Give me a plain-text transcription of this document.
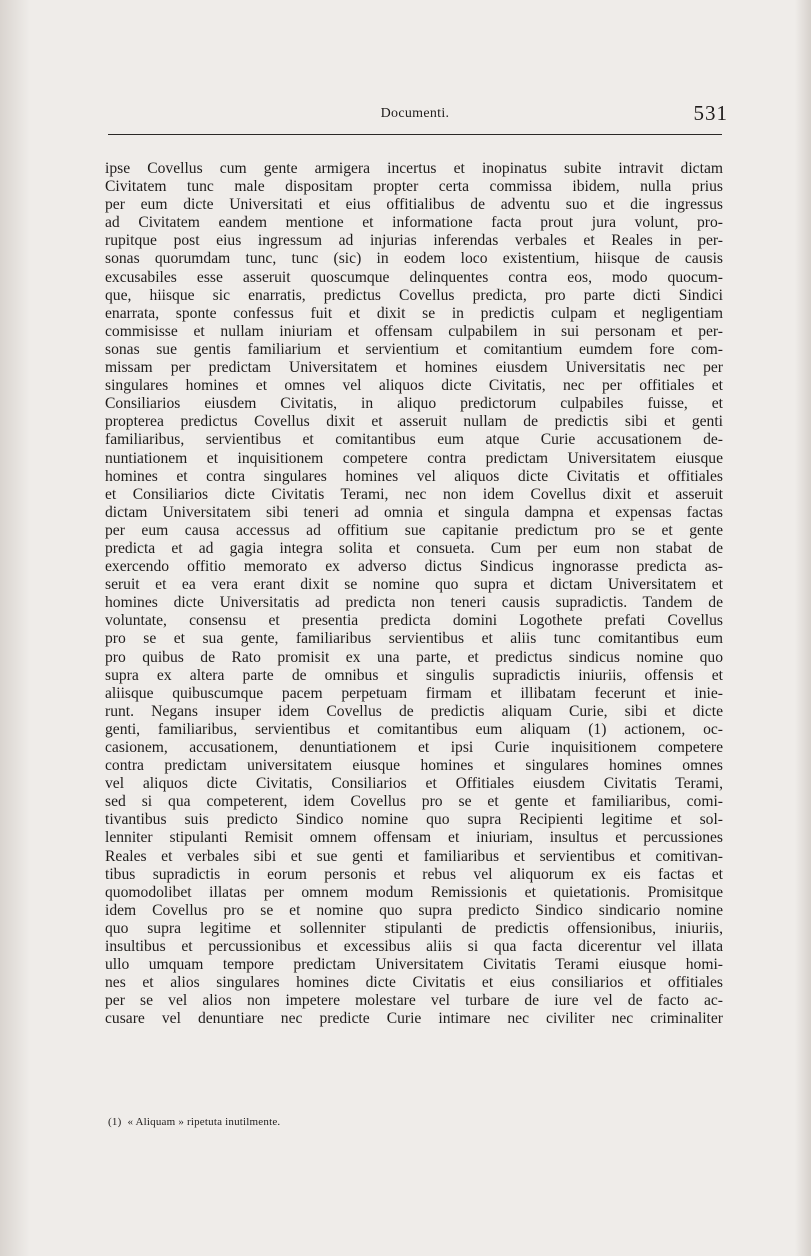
Documenti.	531
ipse Covellus cum gente armigera incertus et inopinatus subite intravit dictam
Civitatem tunc male dispositam propter certa commissa ibidem, nulla prius
per eum dicte Universitati et eius offitialibus de adventu suo et die ingressus
ad Civitatem eandem mentione et informatione facta prout jura volunt, pro-
rupitque post eius ingressum ad injurias inferendas verbales et Reales in per-
sonas quorumdam tunc, tunc (sic) in eodem loco existentium, hiisque de causis
excusabiles esse asseruit quoscumque delinquentes contra eos, modo quocum-
que, hiisque sic enarratis, predictus Covellus predicta, pro parte dicti Sindici
enarrata, sponte confessus fuit et dixit se in predictis culpam et negligentiam
commisisse et nullam iniuriam et offensam culpabilem in sui personam et per-
sonas sue gentis familiarium et servientium et comitantium eumdem fore com-
missam per predictam Universitatem et homines eiusdem Universitatis nec per
singulares homines et omnes vel aliquos dicte Civitatis, nec per offitiales et
Consiliarios eiusdem Civitatis, in aliquo predictorum culpabiles fuisse, et
propterea predictus Covellus dixit et asseruit nullam de predictis sibi et genti
familiaribus, servientibus et comitantibus eum atque Curie accusationem de-
nuntiationem et inquisitionem competere contra predictam Universitatem eiusque
homines et contra singulares homines vel aliquos dicte Civitatis et offitiales
et Consiliarios dicte Civitatis Terami, nec non idem Covellus dixit et asseruit
dictam Universitatem sibi teneri ad omnia et singula dampna et expensas factas
per eum causa accessus ad offitium sue capitanie predictum pro se et gente
predicta et ad gagia integra solita et consueta. Cum per eum non stabat de
exercendo offitio memorato ex adverso dictus Sindicus ingnorasse predicta as-
seruit et ea vera erant dixit se nomine quo supra et dictam Universitatem et
homines dicte Universitatis ad predicta non teneri causis supradictis. Tandem de
voluntate, consensu et presentia predicta domini Logothete prefati Covellus
pro se et sua gente, familiaribus servientibus et aliis tunc comitantibus eum
pro quibus de Rato promisit ex una parte, et predictus sindicus nomine quo
supra ex altera parte de omnibus et singulis supradictis iniuriis, offensis et
aliisque quibuscumque pacem perpetuam firmam et illibatam fecerunt et inie-
runt. Negans insuper idem Covellus de predictis aliquam Curie, sibi et dicte
genti, familiaribus, servientibus et comitantibus eum aliquam (1) actionem, oc-
casionem, accusationem, denuntiationem et ipsi Curie inquisitionem competere
contra predictam universitatem eiusque homines et singulares homines omnes
vel aliquos dicte Civitatis, Consiliarios et Offitiales eiusdem Civitatis Terami,
sed si qua competerent, idem Covellus pro se et gente et familiaribus, comi-
tivantibus suis predicto Sindico nomine quo supra Recipienti legitime et sol-
lenniter stipulanti Remisit omnem offensam et iniuriam, insultus et percussiones
Reales et verbales sibi et sue genti et familiaribus et servientibus et comitivan-
tibus supradictis in eorum personis et rebus vel aliquorum ex eis factas et
quomodolibet illatas per omnem modum Remissionis et quietationis. Promisitque
idem Covellus pro se et nomine quo supra predicto Sindico sindicario nomine
quo supra legitime et sollenniter stipulanti de predictis offensionibus, iniuriis,
insultibus et percussionibus et excessibus aliis si qua facta dicerentur vel illata
ullo umquam tempore predictam Universitatem Civitatis Terami eiusque homi-
nes et alios singulares homines dicte Civitatis et eius consiliarios et offitiales
per se vel alios non impetere molestare vel turbare de iure vel de facto ac-
cusare vel denuntiare nec predicte Curie intimare nec civiliter nec criminaliter
(1) « Aliquam » ripetuta inutilmente.
